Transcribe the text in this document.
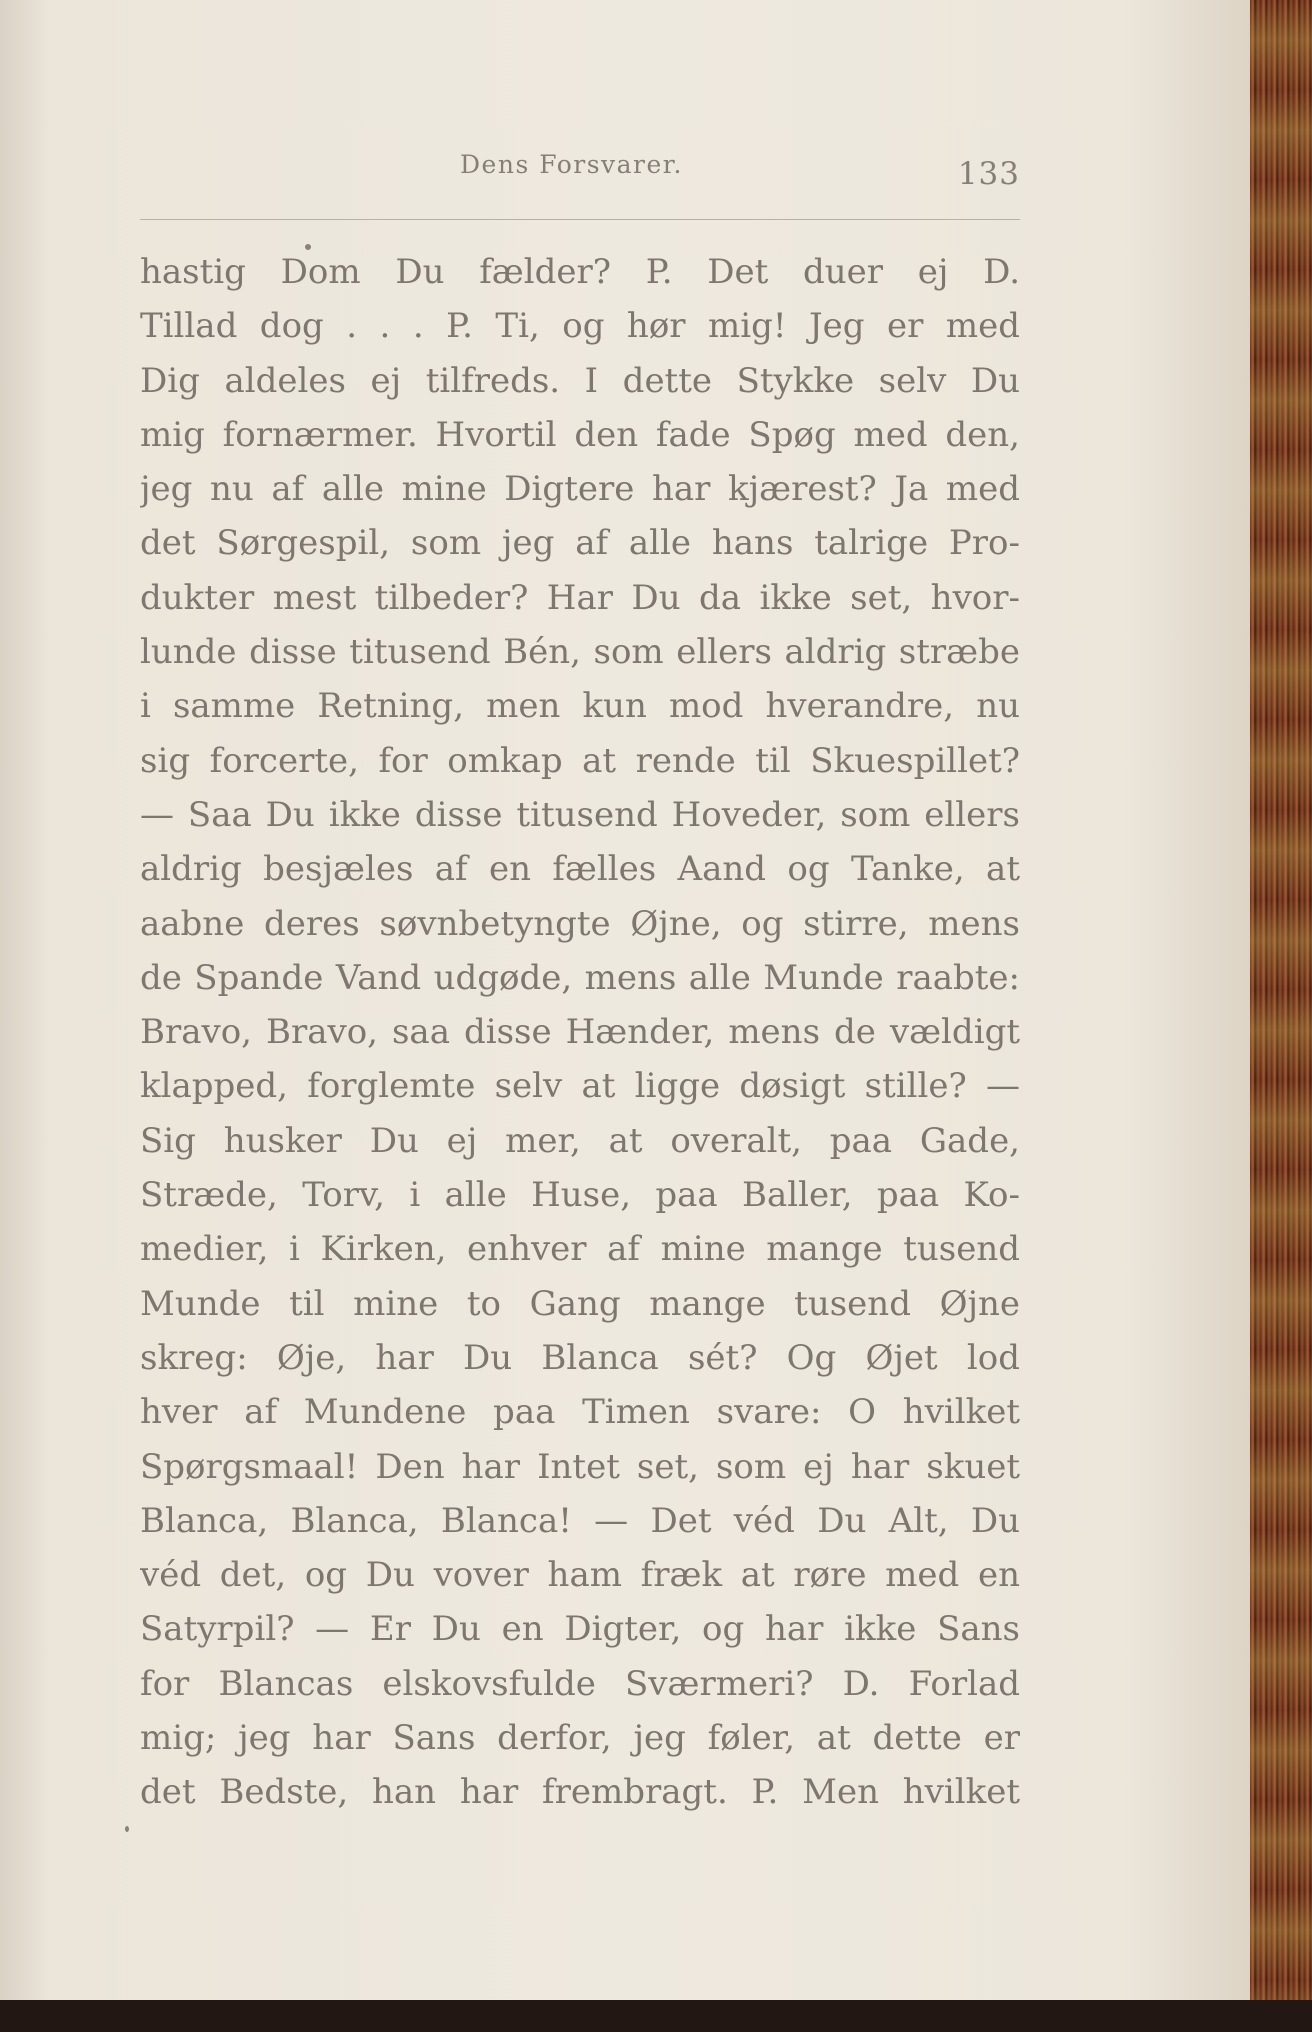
Dens Forsvarer.	133
hastig Dom Du fælder? P. Det duer ej D.
Tillad dog . . . P. Ti, og hør mig! Jeg er med
Dig aldeles ej tilfreds. I dette Stykke selv Du
mig fornærmer. Hvortil den fade Spøg med den,
jeg nu af alle mine Digtere har kjærest? Ja med
det Sørgespil, som jeg af alle hans talrige Pro-
dukter mest tilbeder? Har Du da ikke set, hvor-
lunde disse titusend Bén, som ellers aldrig stræbe
i samme Retning, men kun mod hverandre, nu
sig forcerte, for omkap at rende til Skuespillet?
— Saa Du ikke disse titusend Hoveder, som ellers
aldrig besjæles af en fælles Aand og Tanke, at
aabne deres søvnbetyngte Øjne, og stirre, mens
de Spande Vand udgøde, mens alle Munde raabte:
Bravo, Bravo, saa disse Hænder, mens de vældigt
klapped, forglemte selv at ligge døsigt stille? —
Sig husker Du ej mer, at overalt, paa Gade,
Stræde, Torv, i alle Huse, paa Baller, paa Ko-
medier, i Kirken, enhver af mine mange tusend
Munde til mine to Gang mange tusend Øjne
skreg: Øje, har Du Blanca sét? Og Øjet lod
hver af Mundene paa Timen svare: O hvilket
Spørgsmaal! Den har Intet set, som ej har skuet
Blanca, Blanca, Blanca! — Det véd Du Alt, Du
véd det, og Du vover ham fræk at røre med en
Satyrpil? — Er Du en Digter, og har ikke Sans
for Blancas elskovsfulde Sværmeri? D. Forlad
mig; jeg har Sans derfor, jeg føler, at dette er
det Bedste, han har frembragt. P. Men hvilket
